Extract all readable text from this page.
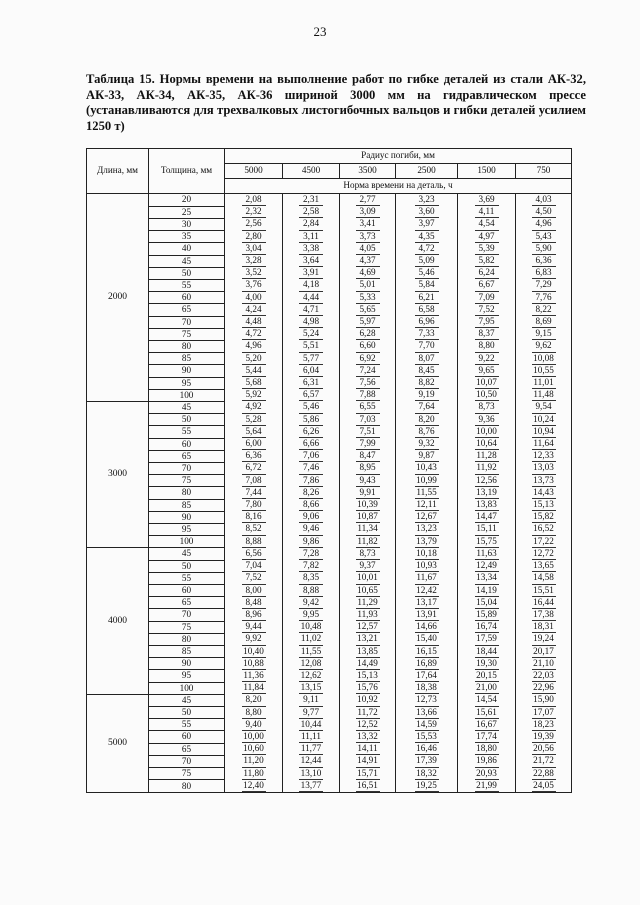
23
Таблица 15. Нормы времени на выполнение работ по гибке деталей из стали АК-32, АК-33, АК-34, АК-35, АК-36 шириной 3000 мм на гидравлическом прессе (устанавливаются для трехвалковых листогибочных вальцов и гибки деталей усилием 1250 т)
Длина, мм	Толщина, мм	Радиус погиби, мм					
		5000	4500	3500	2500	1500	750
		Норма времени на деталь, ч					
2000	20	2,08	2,31	2,77	3,23	3,69	4,03
	25	2,32	2,58	3,09	3,60	4,11	4,50
	30	2,56	2,84	3,41	3,97	4,54	4,96
	35	2,80	3,11	3,73	4,35	4,97	5,43
	40	3,04	3,38	4,05	4,72	5,39	5,90
	45	3,28	3,64	4,37	5,09	5,82	6,36
	50	3,52	3,91	4,69	5,46	6,24	6,83
	55	3,76	4,18	5,01	5,84	6,67	7,29
	60	4,00	4,44	5,33	6,21	7,09	7,76
	65	4,24	4,71	5,65	6,58	7,52	8,22
	70	4,48	4,98	5,97	6,96	7,95	8,69
	75	4,72	5,24	6,28	7,33	8,37	9,15
	80	4,96	5,51	6,60	7,70	8,80	9,62
	85	5,20	5,77	6,92	8,07	9,22	10,08
	90	5,44	6,04	7,24	8,45	9,65	10,55
	95	5,68	6,31	7,56	8,82	10,07	11,01
	100	5,92	6,57	7,88	9,19	10,50	11,48
3000	45	4,92	5,46	6,55	7,64	8,73	9,54
	50	5,28	5,86	7,03	8,20	9,36	10,24
	55	5,64	6,26	7,51	8,76	10,00	10,94
	60	6,00	6,66	7,99	9,32	10,64	11,64
	65	6,36	7,06	8,47	9,87	11,28	12,33
	70	6,72	7,46	8,95	10,43	11,92	13,03
	75	7,08	7,86	9,43	10,99	12,56	13,73
	80	7,44	8,26	9,91	11,55	13,19	14,43
	85	7,80	8,66	10,39	12,11	13,83	15,13
	90	8,16	9,06	10,87	12,67	14,47	15,82
	95	8,52	9,46	11,34	13,23	15,11	16,52
	100	8,88	9,86	11,82	13,79	15,75	17,22
4000	45	6,56	7,28	8,73	10,18	11,63	12,72
	50	7,04	7,82	9,37	10,93	12,49	13,65
	55	7,52	8,35	10,01	11,67	13,34	14,58
	60	8,00	8,88	10,65	12,42	14,19	15,51
	65	8,48	9,42	11,29	13,17	15,04	16,44
	70	8,96	9,95	11,93	13,91	15,89	17,38
	75	9,44	10,48	12,57	14,66	16,74	18,31
	80	9,92	11,02	13,21	15,40	17,59	19,24
	85	10,40	11,55	13,85	16,15	18,44	20,17
	90	10,88	12,08	14,49	16,89	19,30	21,10
	95	11,36	12,62	15,13	17,64	20,15	22,03
	100	11,84	13,15	15,76	18,38	21,00	22,96
5000	45	8,20	9,11	10,92	12,73	14,54	15,90
	50	8,80	9,77	11,72	13,66	15,61	17,07
	55	9,40	10,44	12,52	14,59	16,67	18,23
	60	10,00	11,11	13,32	15,53	17,74	19,39
	65	10,60	11,77	14,11	16,46	18,80	20,56
	70	11,20	12,44	14,91	17,39	19,86	21,72
	75	11,80	13,10	15,71	18,32	20,93	22,88
	80	12,40	13,77	16,51	19,25	21,99	24,05
